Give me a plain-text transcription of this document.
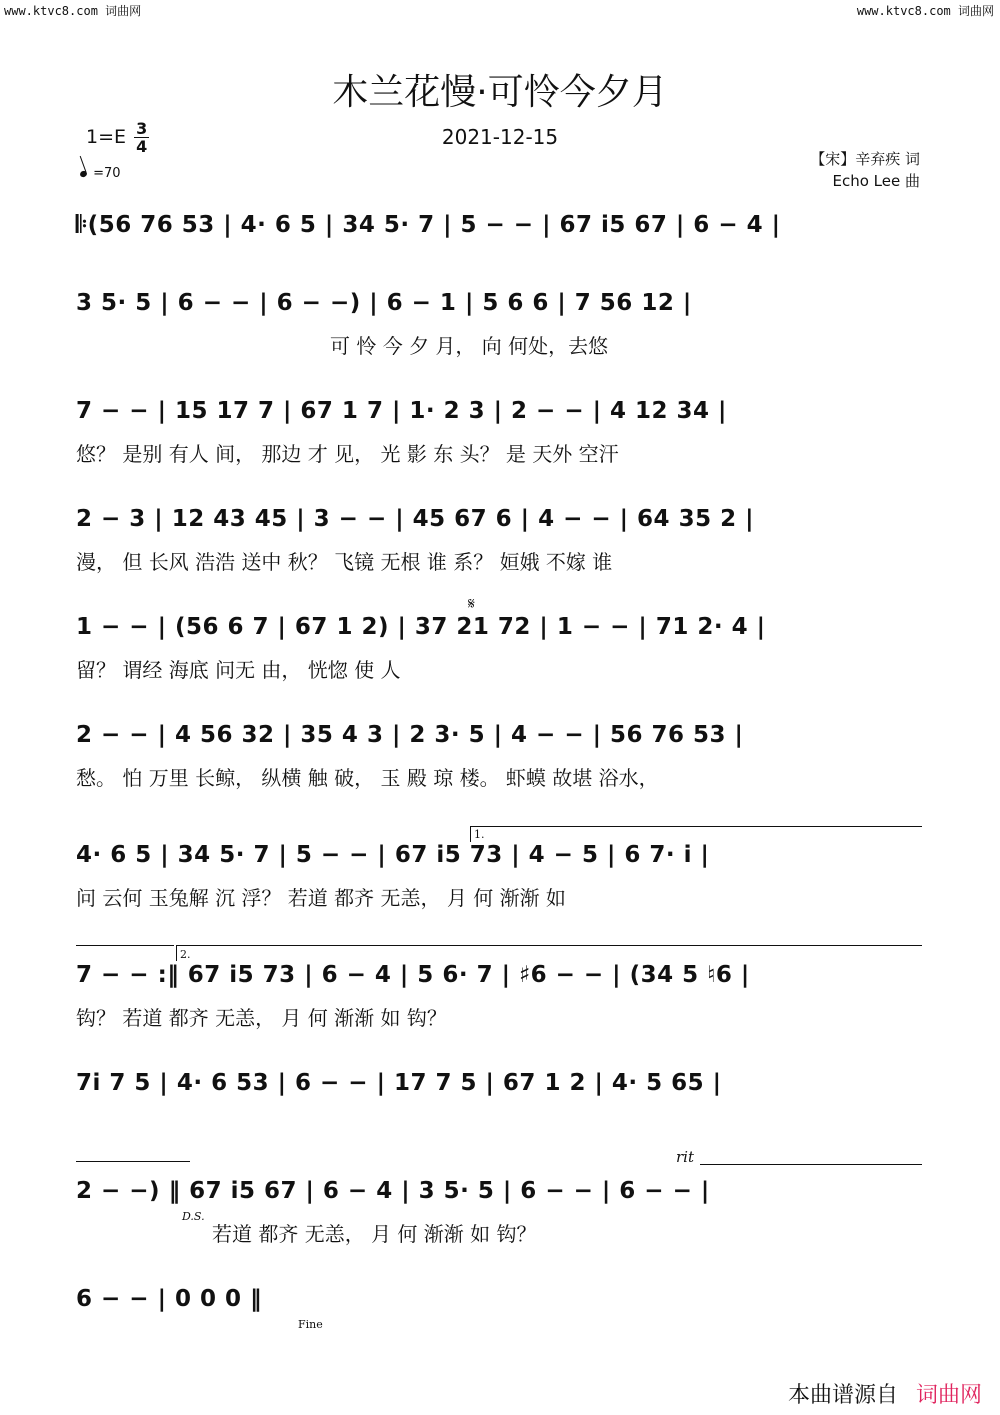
www.ktvc8.com 词曲网	www.ktvc8.com 词曲网
木兰花慢·可怜今夕月
2021-12-15
$1=E \frac{3}{4}$
=70
【宋】辛弃疾 词
Echo Lee 曲
𝄆(56 76 53 | 4· 6 5 | 34 5· 7 | 5 − − | 67 i5 67 | 6 − 4 |
3 5· 5 | 6 − − | 6 − −) | 6 − 1 | 5 6 6 | 7 56 12 |
可 怜 今 夕 月， 向 何处，去悠
7 − − | 15 17 7 | 67 1 7 | 1· 2 3 | 2 − − | 4 12 34 |
悠？ 是别 有人 间， 那边 才 见， 光 影 东 头？ 是 天外 空汗
2 − 3 | 12 43 45 | 3 − − | 45 67 6 | 4 − − | 64 35 2 |
漫， 但 长风 浩浩 送中 秋？ 飞镜 无根 谁 系？ 姮娥 不嫁 谁
𝄋
1 − − | (56 6 7 | 67 1 2) | 37 21 72 | 1 − − | 71 2· 4 |
留？ 谓经 海底 问无 由， 恍惚 使 人
2 − − | 4 56 32 | 35 4 3 | 2 3· 5 | 4 − − | 56 76 53 |
愁。 怕 万里 长鲸， 纵横 触 破， 玉 殿 琼 楼。 虾蟆 故堪 浴水，
1.
4· 6 5 | 34 5· 7 | 5 − − | 67 i5 73 | 4 − 5 | 6 7· i |
问 云何 玉兔解 沉 浮？ 若道 都齐 无恙， 月 何 渐渐 如
2.
7 − − :‖ 67 i5 73 | 6 − 4 | 5 6· 7 | ♯6 − − | (34 5 ♮6 |
钩？ 若道 都齐 无恙， 月 何 渐渐 如 钩？
7i 7 5 | 4· 6 53 | 6 − − | 17 7 5 | 67 1 2 | 4· 5 65 |
rit
2 − −) ‖ 67 i5 67 | 6 − 4 | 3 5· 5 | 6 − − | 6 − − |
D.S.
若道 都齐 无恙， 月 何 渐渐 如 钩？
6 − − | 0 0 0 ‖
Fine
本曲谱源自 词曲网
